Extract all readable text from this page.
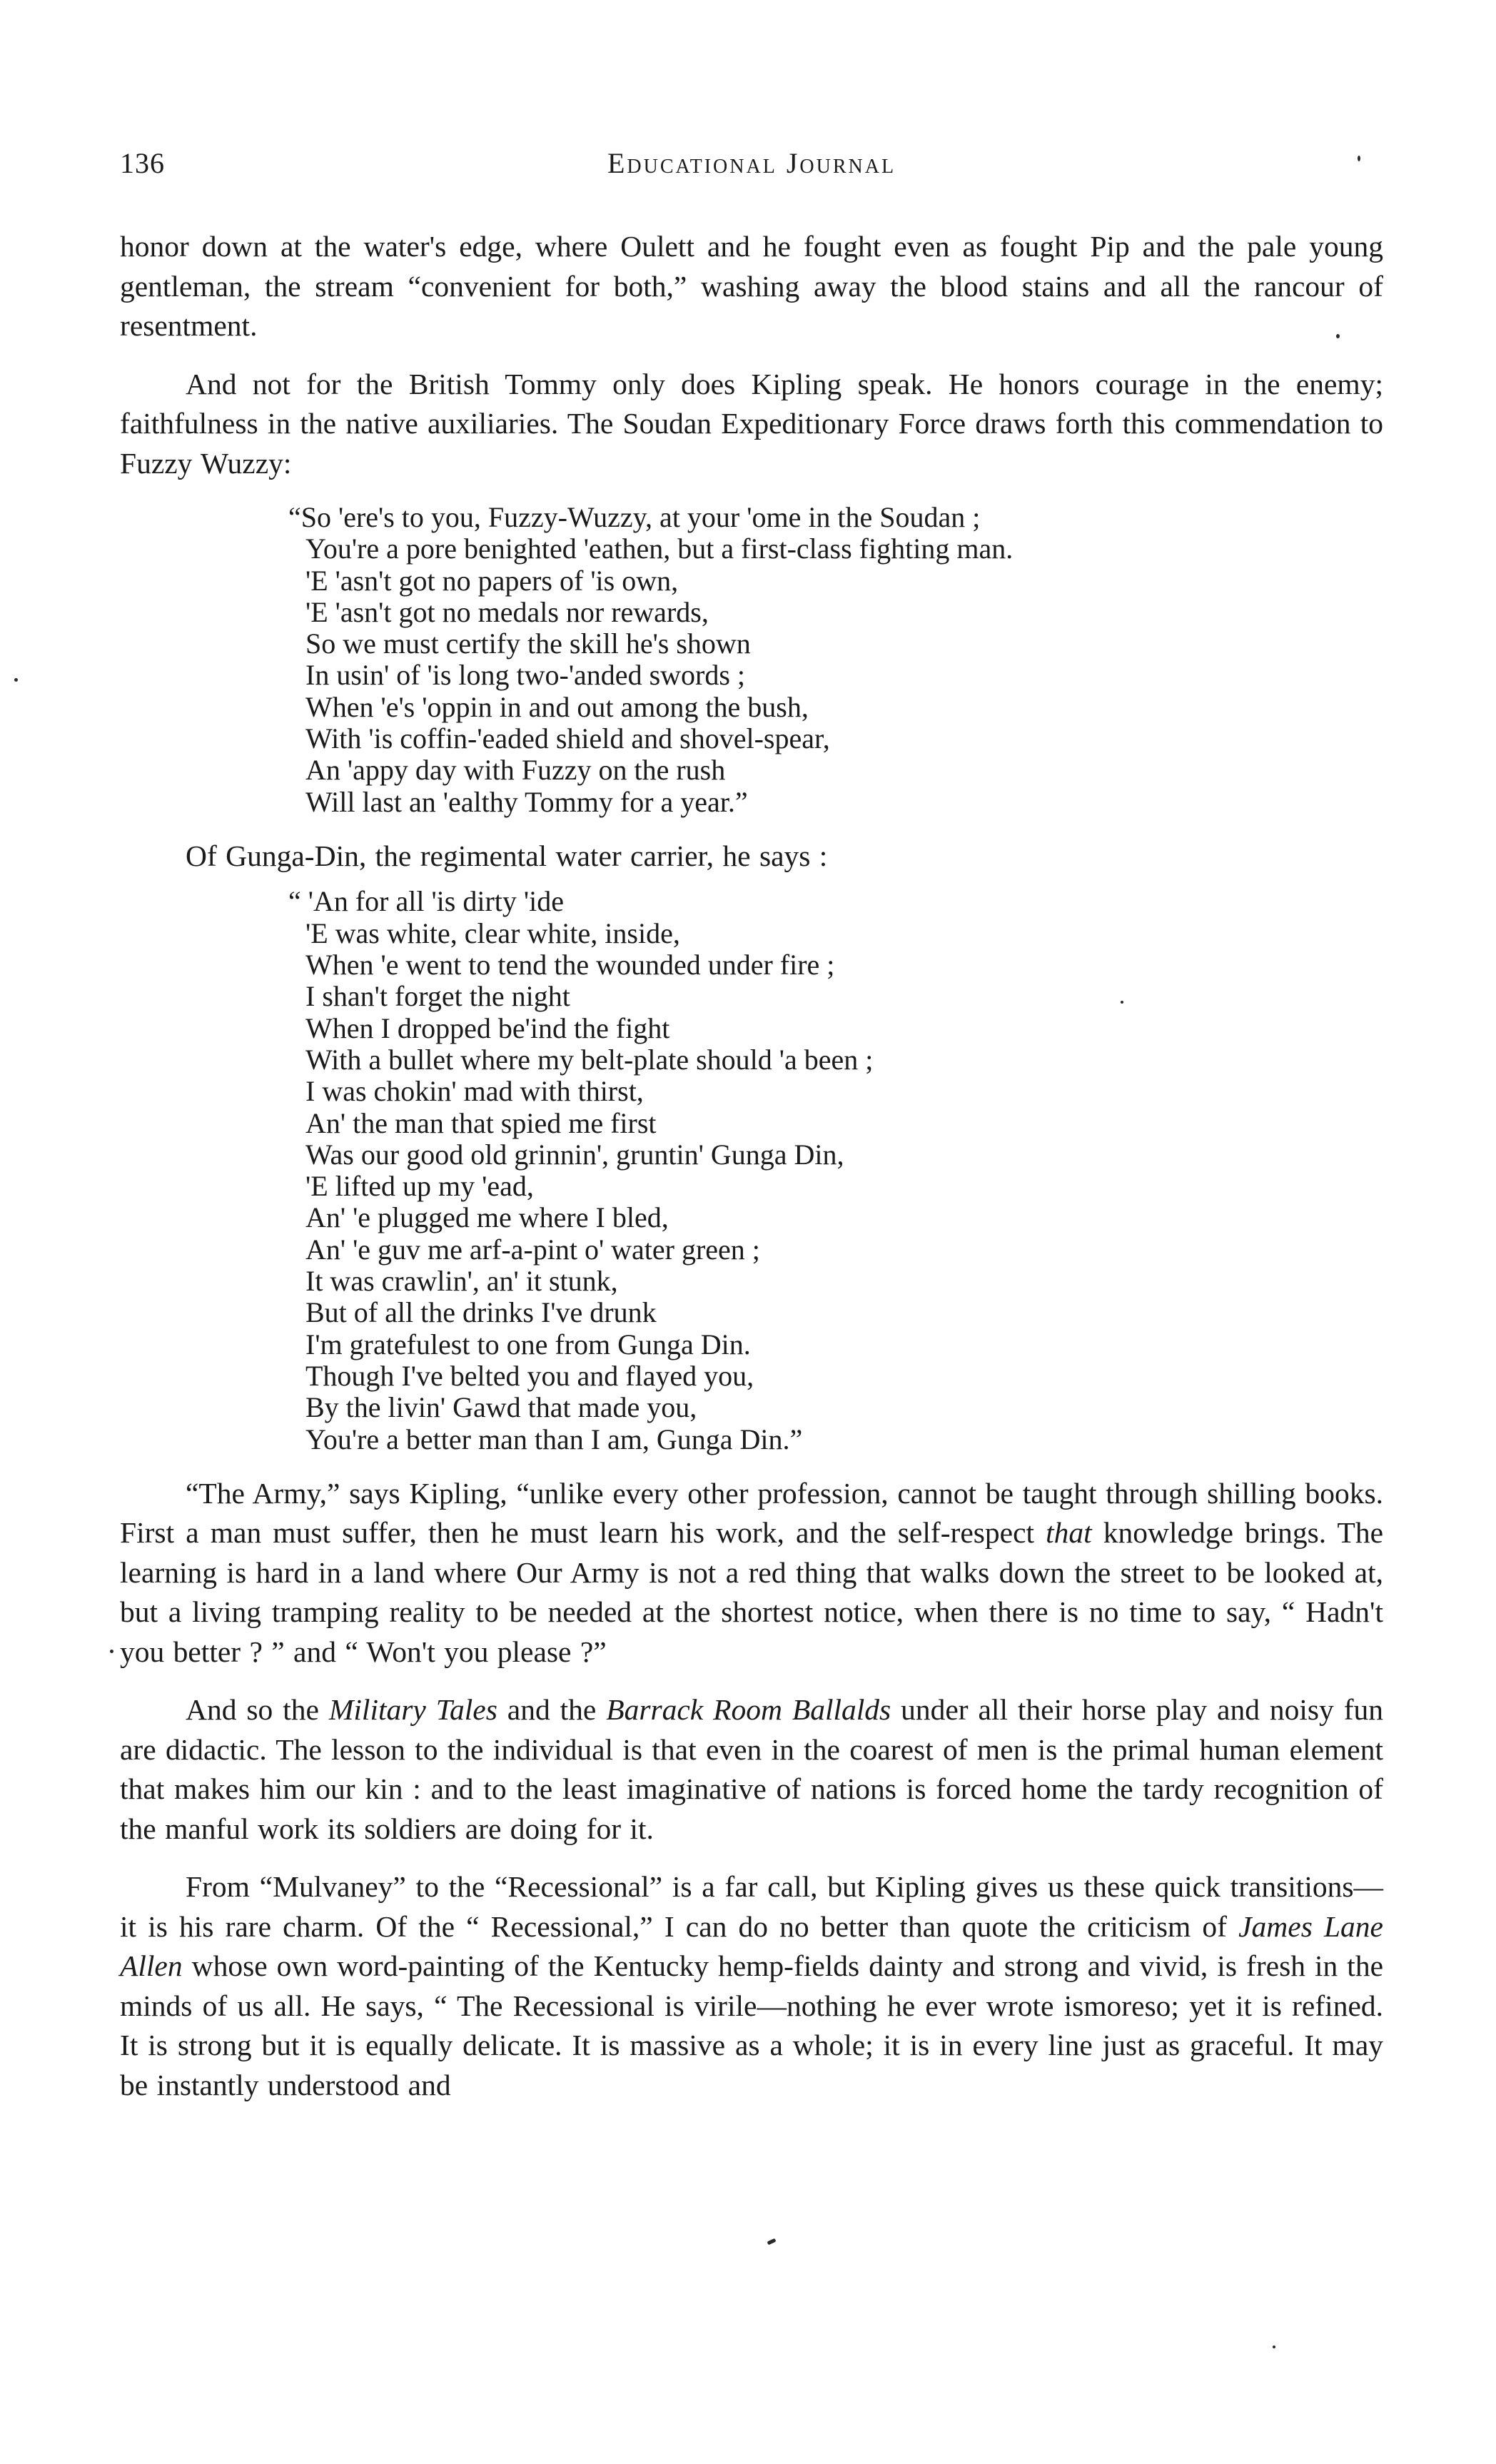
136	Educational Journal

honor down at the water's edge, where Oulett and he fought even as fought Pip and the pale young gentleman, the stream “convenient for both,” washing away the blood stains and all the rancour of resentment.

And not for the British Tommy only does Kipling speak. He honors courage in the enemy; faithfulness in the native auxiliaries. The Soudan Expeditionary Force draws forth this commendation to Fuzzy Wuzzy:

“So 'ere's to you, Fuzzy-Wuzzy, at your 'ome in the Soudan ;
You're a pore benighted 'eathen, but a first-class fighting man.
'E 'asn't got no papers of 'is own,
'E 'asn't got no medals nor rewards,
So we must certify the skill he's shown
In usin' of 'is long two-'anded swords ;
When 'e's 'oppin in and out among the bush,
With 'is coffin-'eaded shield and shovel-spear,
An 'appy day with Fuzzy on the rush
Will last an 'ealthy Tommy for a year.”

Of Gunga-Din, the regimental water carrier, he says :

“ 'An for all 'is dirty 'ide
'E was white, clear white, inside,
When 'e went to tend the wounded under fire ;
I shan't forget the night
When I dropped be'ind the fight
With a bullet where my belt-plate should 'a been ;
I was chokin' mad with thirst,
An' the man that spied me first
Was our good old grinnin', gruntin' Gunga Din,
'E lifted up my 'ead,
An' 'e plugged me where I bled,
An' 'e guv me arf-a-pint o' water green ;
It was crawlin', an' it stunk,
But of all the drinks I've drunk
I'm gratefulest to one from Gunga Din.
Though I've belted you and flayed you,
By the livin' Gawd that made you,
You're a better man than I am, Gunga Din.”

“The Army,” says Kipling, “unlike every other profession, cannot be taught through shilling books. First a man must suffer, then he must learn his work, and the self-respect that knowledge brings. The learning is hard in a land where Our Army is not a red thing that walks down the street to be looked at, but a living tramping reality to be needed at the shortest notice, when there is no time to say, “ Hadn't you better ? ” and “ Won't you please ?”

And so the Military Tales and the Barrack Room Ballalds under all their horse play and noisy fun are didactic. The lesson to the individual is that even in the coarest of men is the primal human element that makes him our kin : and to the least imaginative of nations is forced home the tardy recognition of the manful work its soldiers are doing for it.

From “Mulvaney” to the “Recessional” is a far call, but Kipling gives us these quick transitions—it is his rare charm. Of the “ Recessional,” I can do no better than quote the criticism of James Lane Allen whose own word-painting of the Kentucky hemp-fields dainty and strong and vivid, is fresh in the minds of us all. He says, “ The Recessional is virile—nothing he ever wrote ismoreso; yet it is refined. It is strong but it is equally delicate. It is massive as a whole; it is in every line just as graceful. It may be instantly understood and
